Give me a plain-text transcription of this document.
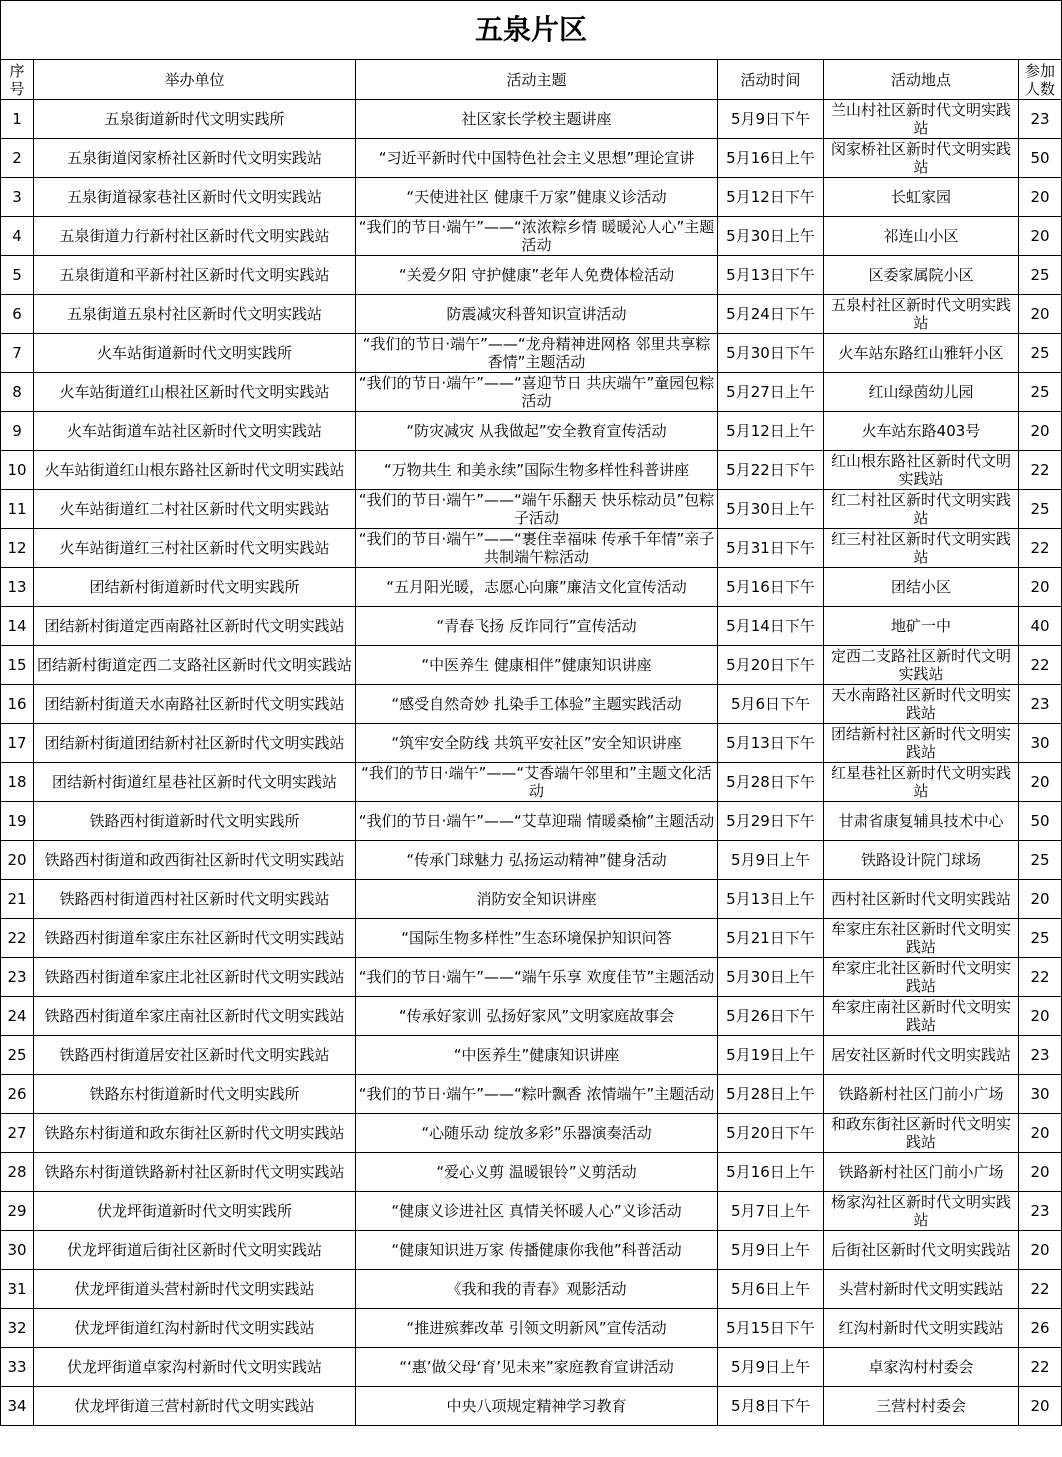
五泉片区					
序号	举办单位	活动主题	活动时间	活动地点	参加人数
1	五泉街道新时代文明实践所	社区家长学校主题讲座	5月9日下午	兰山村社区新时代文明实践站	23
2	五泉街道闵家桥社区新时代文明实践站	“习近平新时代中国特色社会主义思想”理论宣讲	5月16日上午	闵家桥社区新时代文明实践站	50
3	五泉街道禄家巷社区新时代文明实践站	“天使进社区 健康千万家”健康义诊活动	5月12日下午	长虹家园	20
4	五泉街道力行新村社区新时代文明实践站	“我们的节日·端午”——“浓浓粽乡情 暖暖沁人心”主题活动	5月30日上午	祁连山小区	20
5	五泉街道和平新村社区新时代文明实践站	“关爱夕阳 守护健康”老年人免费体检活动	5月13日下午	区委家属院小区	25
6	五泉街道五泉村社区新时代文明实践站	防震减灾科普知识宣讲活动	5月24日下午	五泉村社区新时代文明实践站	20
7	火车站街道新时代文明实践所	“我们的节日·端午”——“龙舟精神进网格 邻里共享粽香情”主题活动	5月30日下午	火车站东路红山雅轩小区	25
8	火车站街道红山根社区新时代文明实践站	“我们的节日·端午”——“喜迎节日 共庆端午”童园包粽活动	5月27日上午	红山绿茵幼儿园	25
9	火车站街道车站社区新时代文明实践站	“防灾减灾 从我做起”安全教育宣传活动	5月12日上午	火车站东路403号	20
10	火车站街道红山根东路社区新时代文明实践站	“万物共生 和美永续”国际生物多样性科普讲座	5月22日下午	红山根东路社区新时代文明实践站	22
11	火车站街道红二村社区新时代文明实践站	“我们的节日·端午”——“端午乐翻天 快乐棕动员”包粽子活动	5月30日上午	红二村社区新时代文明实践站	25
12	火车站街道红三村社区新时代文明实践站	“我们的节日·端午”——“裹住幸福味 传承千年情”亲子共制端午粽活动	5月31日下午	红三村社区新时代文明实践站	22
13	团结新村街道新时代文明实践所	“五月阳光暖，志愿心向廉”廉洁文化宣传活动	5月16日下午	团结小区	20
14	团结新村街道定西南路社区新时代文明实践站	“青春飞扬 反诈同行”宣传活动	5月14日下午	地矿一中	40
15	团结新村街道定西二支路社区新时代文明实践站	“中医养生 健康相伴”健康知识讲座	5月20日下午	定西二支路社区新时代文明实践站	22
16	团结新村街道天水南路社区新时代文明实践站	“感受自然奇妙 扎染手工体验”主题实践活动	5月6日下午	天水南路社区新时代文明实践站	23
17	团结新村街道团结新村社区新时代文明实践站	“筑牢安全防线 共筑平安社区”安全知识讲座	5月13日下午	团结新村社区新时代文明实践站	30
18	团结新村街道红星巷社区新时代文明实践站	“我们的节日·端午”——“艾香端午邻里和”主题文化活动	5月28日下午	红星巷社区新时代文明实践站	20
19	铁路西村街道新时代文明实践所	“我们的节日·端午”——“艾草迎瑞 情暖桑榆”主题活动	5月29日下午	甘肃省康复辅具技术中心	50
20	铁路西村街道和政西街社区新时代文明实践站	“传承门球魅力 弘扬运动精神”健身活动	5月9日上午	铁路设计院门球场	25
21	铁路西村街道西村社区新时代文明实践站	消防安全知识讲座	5月13日上午	西村社区新时代文明实践站	20
22	铁路西村街道牟家庄东社区新时代文明实践站	“国际生物多样性”生态环境保护知识问答	5月21日下午	牟家庄东社区新时代文明实践站	25
23	铁路西村街道牟家庄北社区新时代文明实践站	“我们的节日·端午”——“端午乐享 欢度佳节”主题活动	5月30日上午	牟家庄北社区新时代文明实践站	22
24	铁路西村街道牟家庄南社区新时代文明实践站	“传承好家训 弘扬好家风”文明家庭故事会	5月26日下午	牟家庄南社区新时代文明实践站	20
25	铁路西村街道居安社区新时代文明实践站	“中医养生”健康知识讲座	5月19日上午	居安社区新时代文明实践站	23
26	铁路东村街道新时代文明实践所	“我们的节日·端午”——“粽叶飘香 浓情端午”主题活动	5月28日上午	铁路新村社区门前小广场	30
27	铁路东村街道和政东街社区新时代文明实践站	“心随乐动 绽放多彩”乐器演奏活动	5月20日下午	和政东街社区新时代文明实践站	20
28	铁路东村街道铁路新村社区新时代文明实践站	“爱心义剪 温暖银铃”义剪活动	5月16日上午	铁路新村社区门前小广场	20
29	伏龙坪街道新时代文明实践所	“健康义诊进社区 真情关怀暖人心”义诊活动	5月7日上午	杨家沟社区新时代文明实践站	23
30	伏龙坪街道后街社区新时代文明实践站	“健康知识进万家 传播健康你我他”科普活动	5月9日上午	后街社区新时代文明实践站	20
31	伏龙坪街道头营村新时代文明实践站	《我和我的青春》观影活动	5月6日上午	头营村新时代文明实践站	22
32	伏龙坪街道红沟村新时代文明实践站	“推进殡葬改革 引领文明新风”宣传活动	5月15日下午	红沟村新时代文明实践站	26
33	伏龙坪街道卓家沟村新时代文明实践站	“‘惠’做父母‘育’见未来”家庭教育宣讲活动	5月9日上午	卓家沟村村委会	22
34	伏龙坪街道三营村新时代文明实践站	中央八项规定精神学习教育	5月8日下午	三营村村委会	20
